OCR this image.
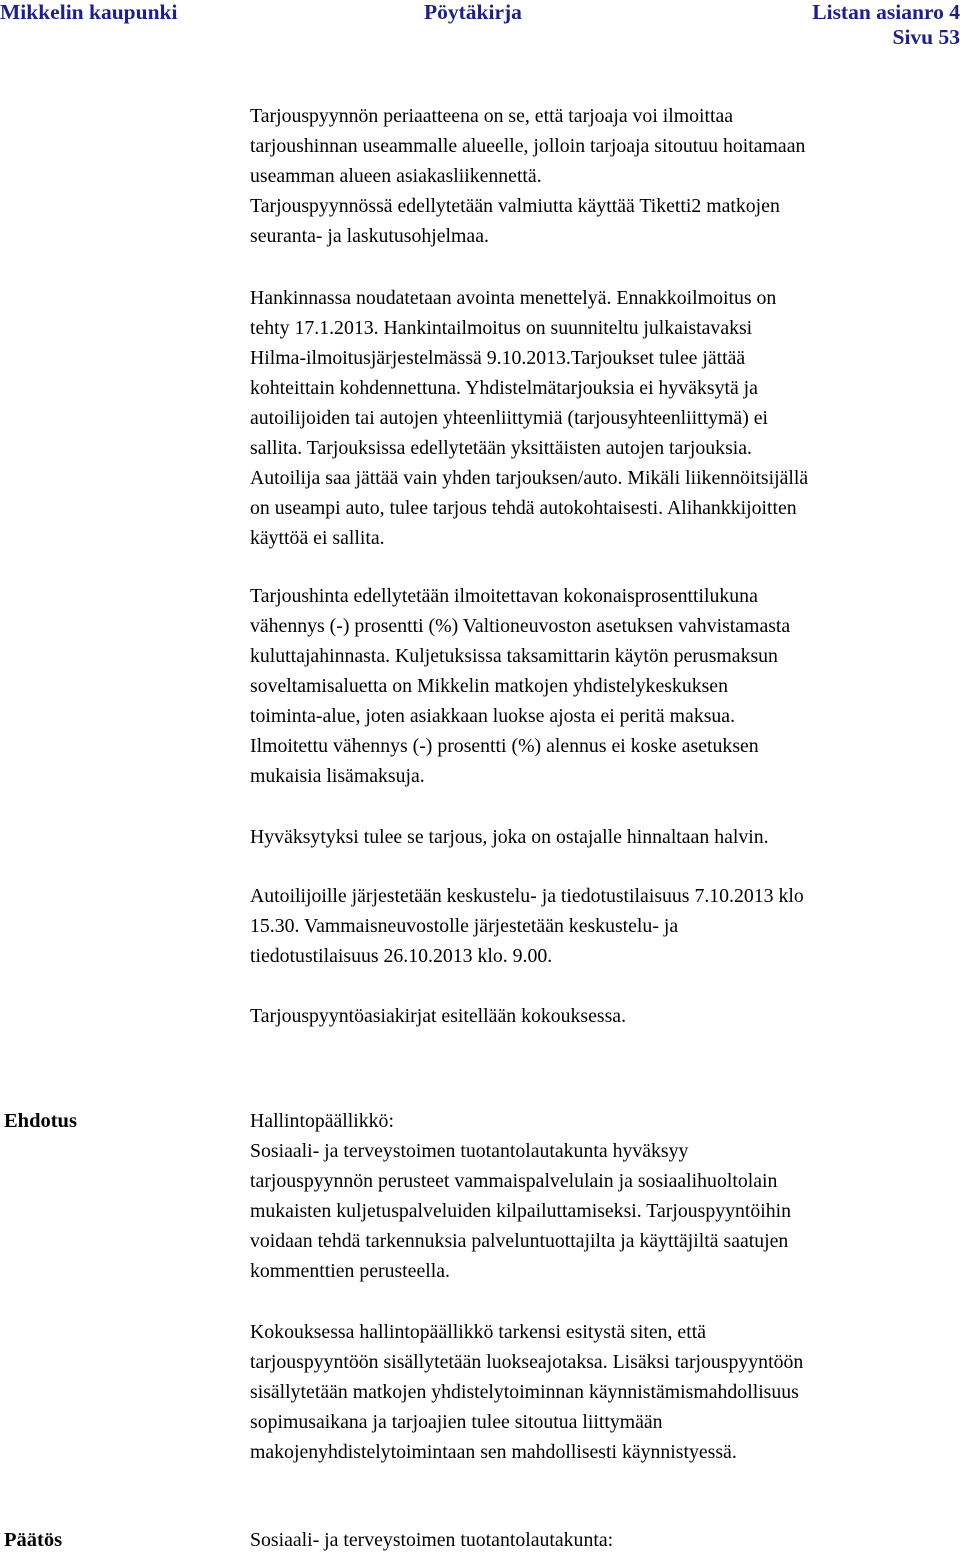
Mikkelin kaupunki	Pöytäkirja	Listan asianro 4
Sivu 53
Tarjouspyynnön periaatteena on se, että tarjoaja voi ilmoittaa
tarjoushinnan useammalle alueelle, jolloin tarjoaja sitoutuu hoitamaan
useamman alueen asiakasliikennettä.
Tarjouspyynnössä edellytetään valmiutta käyttää Tiketti2 matkojen
seuranta- ja laskutusohjelmaa.
Hankinnassa noudatetaan avointa menettelyä. Ennakkoilmoitus on
tehty 17.1.2013. Hankintailmoitus on suunniteltu julkaistavaksi
Hilma-ilmoitusjärjestelmässä 9.10.2013.Tarjoukset tulee jättää
kohteittain kohdennettuna. Yhdistelmätarjouksia ei hyväksytä ja
autoilijoiden tai autojen yhteenliittymiä (tarjousyhteenliittymä) ei
sallita. Tarjouksissa edellytetään yksittäisten autojen tarjouksia.
Autoilija saa jättää vain yhden tarjouksen/auto. Mikäli liikennöitsijällä
on useampi auto, tulee tarjous tehdä autokohtaisesti. Alihankkijoitten
käyttöä ei sallita.
Tarjoushinta edellytetään ilmoitettavan kokonaisprosenttilukuna
vähennys (-) prosentti (%) Valtioneuvoston asetuksen vahvistamasta
kuluttajahinnasta. Kuljetuksissa taksamittarin käytön perusmaksun
soveltamisaluetta on Mikkelin matkojen yhdistelykeskuksen
toiminta-alue, joten asiakkaan luokse ajosta ei peritä maksua.
Ilmoitettu vähennys (-) prosentti (%) alennus ei koske asetuksen
mukaisia lisämaksuja.
Hyväksytyksi tulee se tarjous, joka on ostajalle hinnaltaan halvin.
Autoilijoille järjestetään keskustelu- ja tiedotustilaisuus 7.10.2013 klo
15.30. Vammaisneuvostolle järjestetään keskustelu- ja
tiedotustilaisuus 26.10.2013 klo. 9.00.
Tarjouspyyntöasiakirjat esitellään kokouksessa.
Ehdotus	Hallintopäällikkö:
Sosiaali- ja terveystoimen tuotantolautakunta hyväksyy
tarjouspyynnön perusteet vammaispalvelulain ja sosiaalihuoltolain
mukaisten kuljetuspalveluiden kilpailuttamiseksi. Tarjouspyyntöihin
voidaan tehdä tarkennuksia palveluntuottajilta ja käyttäjiltä saatujen
kommenttien perusteella.
Kokouksessa hallintopäällikkö tarkensi esitystä siten, että
tarjouspyyntöön sisällytetään luokseajotaksa. Lisäksi tarjouspyyntöön
sisällytetään matkojen yhdistelytoiminnan käynnistämismahdollisuus
sopimusaikana ja tarjoajien tulee sitoutua liittymään
makojenyhdistelytoimintaan sen mahdollisesti käynnistyessä.
Päätös	Sosiaali- ja terveystoimen tuotantolautakunta:
